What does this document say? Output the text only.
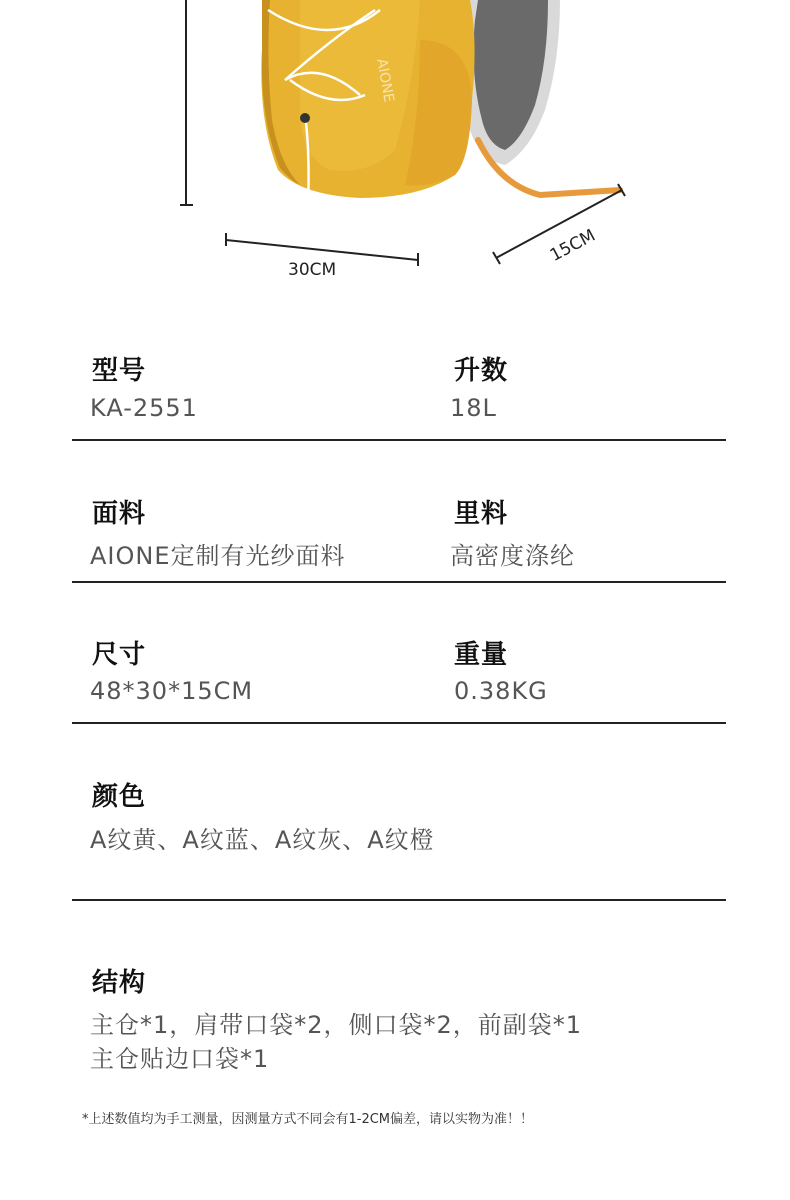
AIONE
30CM
15CM
型号
KA-2551
升数
18L
面料
AIONE定制有光纱面料
里料
高密度涤纶
尺寸
48*30*15CM
重量
0.38KG
颜色
A纹黄、A纹蓝、A纹灰、A纹橙
结构
主仓*1，肩带口袋*2，侧口袋*2，前副袋*1
主仓贴边口袋*1
*上述数值均为手工测量，因测量方式不同会有1-2CM偏差，请以实物为准！！
